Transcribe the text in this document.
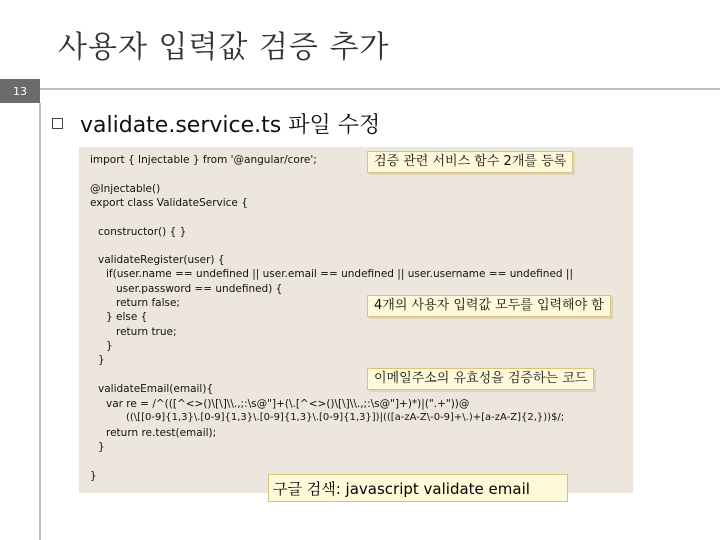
사용자 입력값 검증 추가
13
validate.service.ts 파일 수정
import { Injectable } from '@angular/core';
@Injectable()
export class ValidateService {
constructor() { }
validateRegister(user) {
if(user.name == undefined || user.email == undefined || user.username == undefined ||
user.password == undefined) {
return false;
} else {
return true;
}
}
validateEmail(email){
var re = /^(([^<>()\[\]\\.,;:\s@"]+(\.[^<>()\[\]\\.,;:\s@"]+)*)|(".+"))@
((\[[0-9]{1,3}\.[0-9]{1,3}\.[0-9]{1,3}\.[0-9]{1,3}])|(([a-zA-Z\-0-9]+\.)+[a-zA-Z]{2,}))$/;
return re.test(email);
}
}
검증 관련 서비스 함수 2개를 등록
4개의 사용자 입력값 모두를 입력해야 함
이메일주소의 유효성을 검증하는 코드
구글 검색: javascript validate email
